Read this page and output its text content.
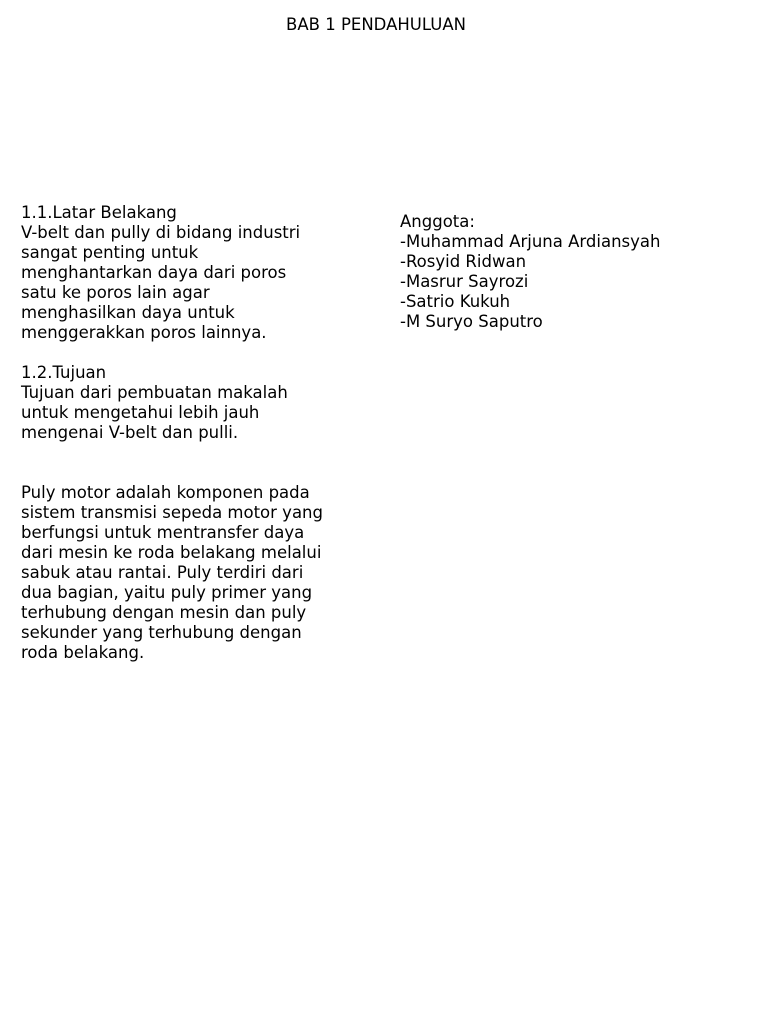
BAB 1 PENDAHULUAN
1.1.Latar Belakang
V-belt dan pully di bidang industri
sangat penting untuk
menghantarkan daya dari poros
satu ke poros lain agar
menghasilkan daya untuk
menggerakkan poros lainnya.
1.2.Tujuan
Tujuan dari pembuatan makalah
untuk mengetahui lebih jauh
mengenai V-belt dan pulli.
Puly motor adalah komponen pada
sistem transmisi sepeda motor yang
berfungsi untuk mentransfer daya
dari mesin ke roda belakang melalui
sabuk atau rantai. Puly terdiri dari
dua bagian, yaitu puly primer yang
terhubung dengan mesin dan puly
sekunder yang terhubung dengan
roda belakang.
Anggota:
-Muhammad Arjuna Ardiansyah
-Rosyid Ridwan
-Masrur Sayrozi
-Satrio Kukuh
-M Suryo Saputro
